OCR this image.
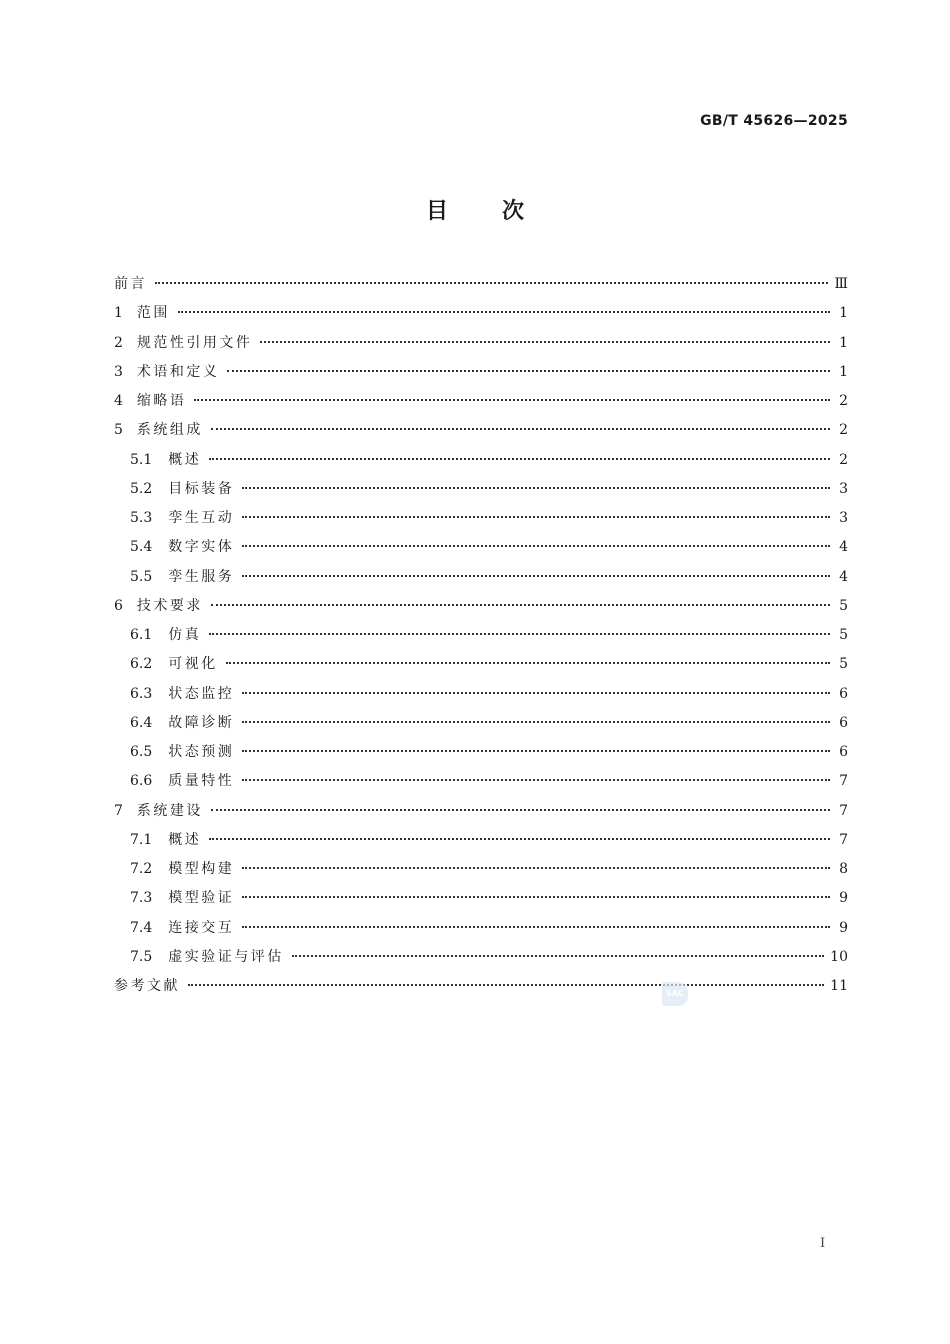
GB/T 45626—2025
目次
前言	Ⅲ
1 范围	1
2 规范性引用文件	1
3 术语和定义	1
4 缩略语	2
5 系统组成	2
5.1 概述	2
5.2 目标装备	3
5.3 孪生互动	3
5.4 数字实体	4
5.5 孪生服务	4
6 技术要求	5
6.1 仿真	5
6.2 可视化	5
6.3 状态监控	6
6.4 故障诊断	6
6.5 状态预测	6
6.6 质量特性	7
7 系统建设	7
7.1 概述	7
7.2 模型构建	8
7.3 模型验证	9
7.4 连接交互	9
7.5 虚实验证与评估	10
参考文献	11
SAC
I
